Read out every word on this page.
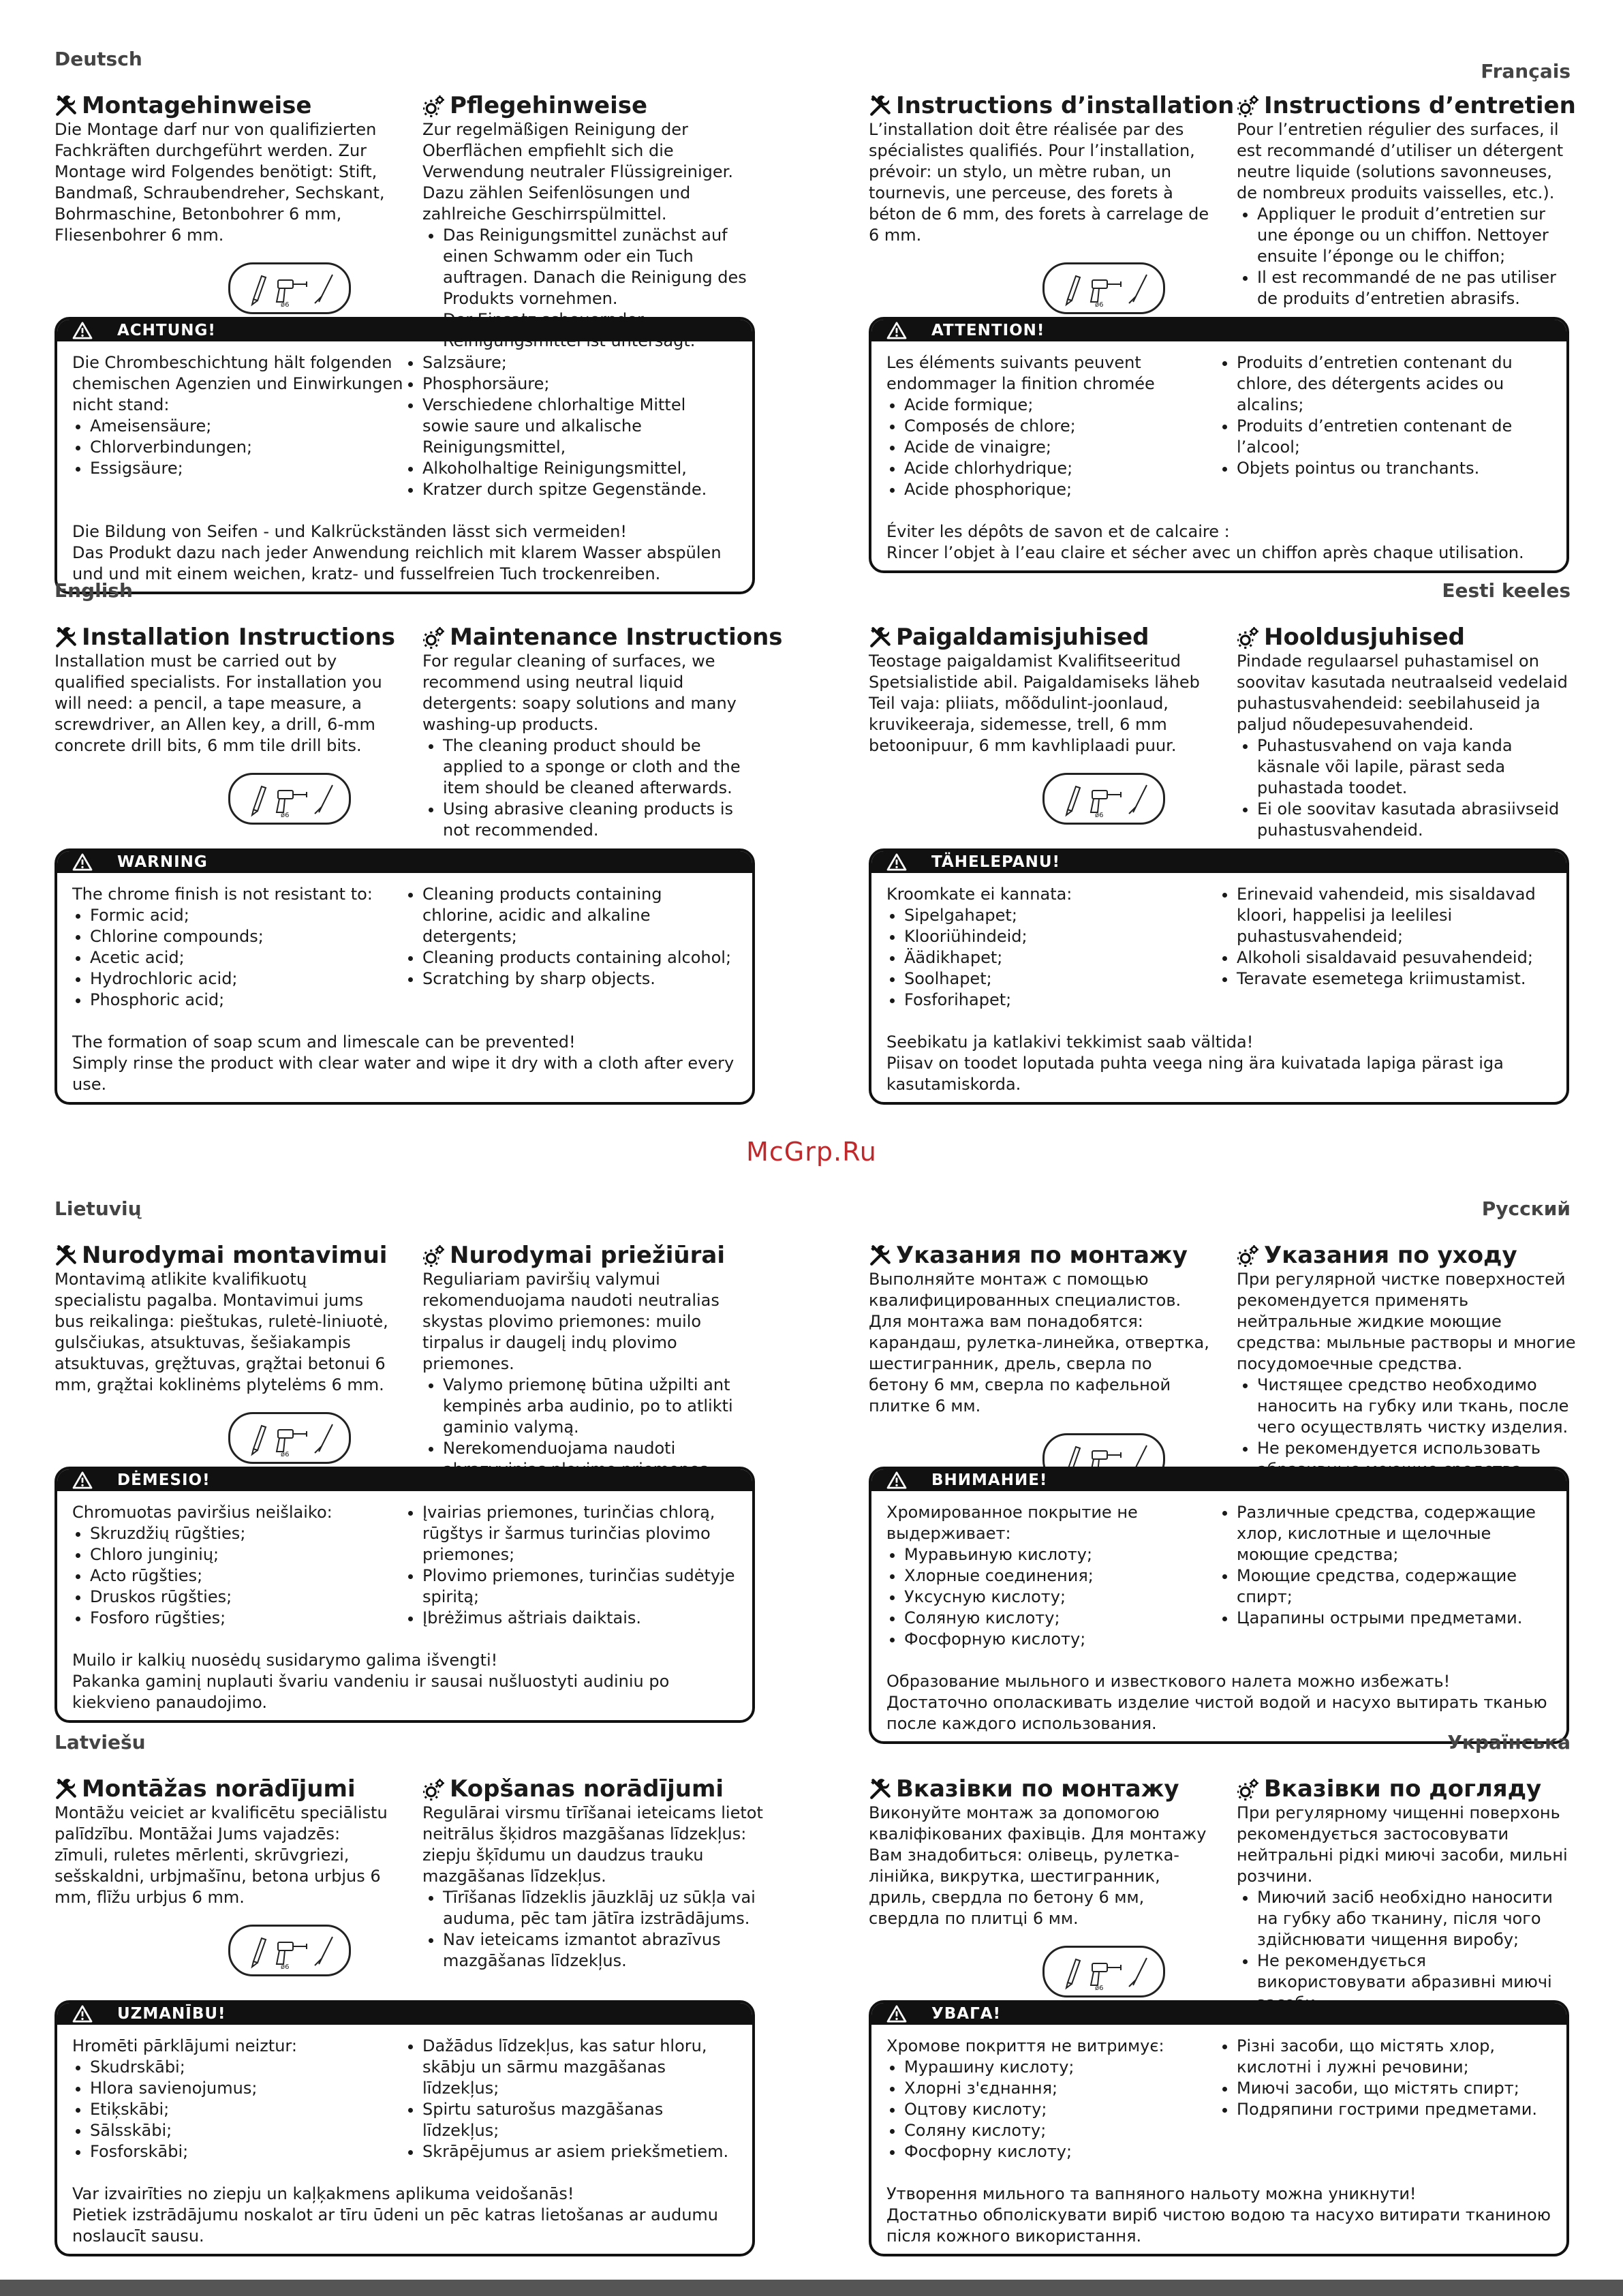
Deutsch
Montagehinweise

Die Montage darf nur von qualifizierten Fachkräften durchgeführt werden. Zur Montage wird Folgendes benötigt: Stift, Bandmaß, Schraubendreher, Sechskant, Bohrmaschine, Betonbohrer 6 mm, Fliesenbohrer 6 mm.

Pflegehinweise

Zur regelmäßigen Reinigung der Oberflächen empfiehlt sich die Verwendung neutraler Flüssigreiniger. Dazu zählen Seifenlösungen und zahlreiche Geschirrspülmittel.

• Das Reinigungsmittel zunächst auf einen Schwamm oder ein Tuch auftragen. Danach die Reinigung des Produkts vornehmen.
•
ACHTUNG!

Die Chrombeschichtung hält folgenden chemischen Agenzien und Einwirkungen nicht stand:

• Ameisensäure;
• Chlorverbindungen;
• Essigsäure;
• Salzsäure;
• Phosphorsäure;
• Verschiedene chlorhaltige Mittel sowie saure und alkalische Reinigungsmittel,
• Alkoholhaltige Reinigungsmittel,
• Kratzer durch spitze Gegenstände.

Die Bildung von Seifen - und Kalkrückständen lässt sich vermeiden!

Das Produkt dazu nach jeder Anwendung reichlich mit klarem Wasser abspülen und und mit einem weichen, kratz- und fusselfreien Tuch trockenreiben.

Français
Instructions d’installation

L’installation doit être réalisée par des spécialistes qualifiés. Pour l’installation, prévoir: un stylo, un mètre ruban, un tournevis, une perceuse, des forets à béton de 6 mm, des forets à carrelage de 6 mm.

Instructions d’entretien

Pour l’entretien régulier des surfaces, il est recommandé d’utiliser un détergent neutre liquide (solutions savonneuses, de nombreux produits vaisselles, etc.).

• Appliquer le produit d’entretien sur une éponge ou un chiffon. Nettoyer ensuite l’éponge ou le chiffon;
• Il est recommandé de ne pas utiliser de produits d’entretien abrasifs.
ATTENTION!

Les éléments suivants peuvent endommager la finition chromée

• Acide formique;
• Composés de chlore;
• Acide de vinaigre;
• Acide chlorhydrique;
• Acide phosphorique;
• Produits d’entretien contenant du chlore, des détergents acides ou alcalins;
• Produits d’entretien contenant de l’alcool;
• Objets pointus ou tranchants.

Éviter les dépôts de savon et de calcaire :

Rincer l’objet à l’eau claire et sécher avec un chiffon après chaque utilisation.

English
Installation Instructions

Installation must be carried out by qualified specialists. For installation you will need: a pencil, a tape measure, a screwdriver, an Allen key, a drill, 6-mm concrete drill bits, 6 mm tile drill bits.

Maintenance Instructions

For regular cleaning of surfaces, we recommend using neutral liquid detergents: soapy solutions and many washing-up products.

• The cleaning product should be applied to a sponge or cloth and the item should be cleaned afterwards.
• Using abrasive cleaning products is not recommended.
WARNING

The chrome finish is not resistant to:

• Formic acid;
• Chlorine compounds;
• Acetic acid;
• Hydrochloric acid;
• Phosphoric acid;
• Cleaning products containing chlorine, acidic and alkaline detergents;
• Cleaning products containing alcohol;
• Scratching by sharp objects.

The formation of soap scum and limescale can be prevented!

Simply rinse the product with clear water and wipe it dry with a cloth after every use.

Eesti keeles
Paigaldamisjuhised

Teostage paigaldamist Kvalifitseeritud Spetsialistide abil. Paigaldamiseks läheb Teil vaja: pliiats, mõõdulint-joonlaud, kruvikeeraja, sidemesse, trell, 6 mm betoonipuur, 6 mm kavhliplaadi puur.

Hooldusjuhised

Pindade regulaarsel puhastamisel on soovitav kasutada neutraalseid vedelaid puhastusvahendeid: seebilahuseid ja paljud nõudepesuvahendeid.

• Puhastusvahend on vaja kanda käsnale või lapile, pärast seda puhastada toodet.
• Ei ole soovitav kasutada abrasiivseid puhastusvahendeid.
TÄHELEPANU!

Kroomkate ei kannata:

• Sipelgahapet;
• Klooriühindeid;
• Äädikhapet;
• Soolhapet;
• Fosforihapet;
• Erinevaid vahendeid, mis sisaldavad kloori, happelisi ja leelilesi puhastusvahendeid;
• Alkoholi sisaldavaid pesuvahendeid;
• Teravate esemetega kriimustamist.

Seebikatu ja katlakivi tekkimist saab vältida!

Piisav on toodet loputada puhta veega ning ära kuivatada lapiga pärast iga kasutamiskorda.

Lietuvių
Nurodymai montavimui

Montavimą atlikite kvalifikuotų specialistu pagalba. Montavimui jums bus reikalinga: pieštukas, ruletė-liniuotė, gulsčiukas, atsuktuvas, šešiakampis atsuktuvas, gręžtuvas, grąžtai betonui 6 mm, grąžtai koklinėms plytelėms 6 mm.

Nurodymai priežiūrai

Reguliariam paviršių valymui rekomenduojama naudoti neutralias skystas plovimo priemones: muilo tirpalus ir daugelį indų plovimo priemones.

• Valymo priemonę būtina užpilti ant kempinės arba audinio, po to atlikti gaminio valymą.
• Nerekomenduojama naudoti
DĖMESIO!

Chromuotas paviršius neišlaiko:

• Skruzdžių rūgšties;
• Chloro junginių;
• Acto rūgšties;
• Druskos rūgšties;
• Fosforo rūgšties;
• Įvairias priemones, turinčias chlorą, rūgštys ir šarmus turinčias plovimo priemones;
• Plovimo priemones, turinčias sudėtyje spiritą;
• Įbrėžimus aštriais daiktais.

Muilo ir kalkių nuosėdų susidarymo galima išvengti!

Pakanka gaminį nuplauti švariu vandeniu ir sausai nušluostyti audiniu po kiekvieno panaudojimo.

Русский
Указания по монтажу

Выполняйте монтаж с помощью квалифицированных специалистов. Для монтажа вам понадобятся: карандаш, рулетка-линейка, отвертка, шестигранник, дрель, сверла по бетону 6 мм, сверла по кафельной плитке 6 мм.

Указания по уходу

При регулярной чистке поверхностей рекомендуется применять нейтральные жидкие моющие средства: мыльные растворы и многие посудомоечные средства.

• Чистящее средство необходимо наносить на губку или ткань, после чего осуществлять чистку изделия.
• Не рекомендуется использовать
ВНИМАНИЕ!

Хромированное покрытие не выдерживает:

• Муравьиную кислоту;
• Хлорные соединения;
• Уксусную кислоту;
• Соляную кислоту;
• Фосфорную кислоту;
• Различные средства, содержащие хлор, кислотные и щелочные моющие средства;
• Моющие средства, содержащие спирт;
• Царапины острыми предметами.

Образование мыльного и известкового налета можно избежать!

Достаточно ополаскивать изделие чистой водой и насухо вытирать тканью после каждого использования.

Latviešu
Montāžas norādījumi

Montāžu veiciet ar kvalificētu speciālistu palīdzību. Montāžai Jums vajadzēs: zīmuli, ruletes mērlenti, skrūvgriezi, sešskaldni, urbjmašīnu, betona urbjus 6 mm, flīžu urbjus 6 mm.

Kopšanas norādījumi

Regulārai virsmu tīrīšanai ieteicams lietot neitrālus šķidros mazgāšanas līdzekļus: ziepju šķīdumu un daudzus trauku mazgāšanas līdzekļus.

• Tīrīšanas līdzeklis jāuzklāj uz sūkļa vai auduma, pēc tam jātīra izstrādājums.
• Nav ieteicams izmantot abrazīvus mazgāšanas līdzekļus.
UZMANĪBU!

Hromēti pārklājumi neiztur:

• Skudrskābi;
• Hlora savienojumus;
• Etiķskābi;
• Sālsskābi;
• Fosforskābi;
• Dažādus līdzekļus, kas satur hloru, skābju un sārmu mazgāšanas līdzekļus;
• Spirtu saturošus mazgāšanas līdzekļus;
• Skrāpējumus ar asiem priekšmetiem.

Var izvairīties no ziepju un kaļķakmens aplikuma veidošanās!

Pietiek izstrādājumu noskalot ar tīru ūdeni un pēc katras lietošanas ar audumu noslaucīt sausu.

Українська
Вказівки по монтажу

Виконуйте монтаж за допомогою кваліфікованих фахівців. Для монтажу Вам знадобиться: олівець, рулетка-лінійка, викрутка, шестигранник, дриль, свердла по бетону 6 мм, свердла по плитці 6 мм.

Вказівки по догляду

При регулярному чищенні поверхонь рекомендується застосовувати нейтральні рідкі миючі засоби, мильні розчини.

• Миючий засіб необхідно наносити на губку або тканину, після чого здійснювати чищення виробу;
• Не рекомендується використовувати абразивні миючі
УВАГА!

Хромове покриття не витримує:

• Мурашину кислоту;
• Хлорні з'єднання;
• Оцтову кислоту;
• Соляну кислоту;
• Фосфорну кислоту;
• Різні засоби, що містять хлор, кислотні і лужні речовини;
• Миючі засоби, що містять спирт;
• Подряпини гострими предметами.

Утворення мильного та вапняного нальоту можна уникнути!

Достатньо обполіскувати виріб чистою водою та насухо витирати тканиною після кожного використання.

McGrp.Ru
